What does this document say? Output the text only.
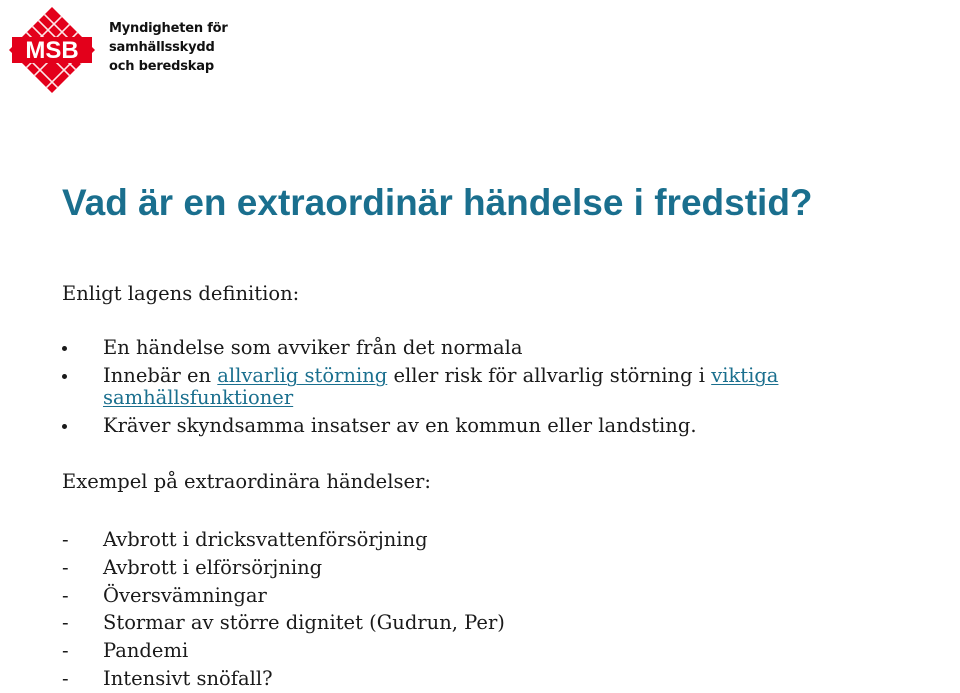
MSB
Myndigheten för
samhällsskydd
och beredskap
Vad är en extraordinär händelse i fredstid?

Enligt lagens definition:

En händelse som avviker från det normala
Innebär en allvarlig störning eller risk för allvarlig störning i viktiga samhällsfunktioner
Kräver skyndsamma insatser av en kommun eller landsting.

Exempel på extraordinära händelser:

- Avbrott i dricksvattenförsörjning
- Avbrott i elförsörjning
- Översvämningar
- Stormar av större dignitet (Gudrun, Per)
- Pandemi
- Intensivt snöfall?
